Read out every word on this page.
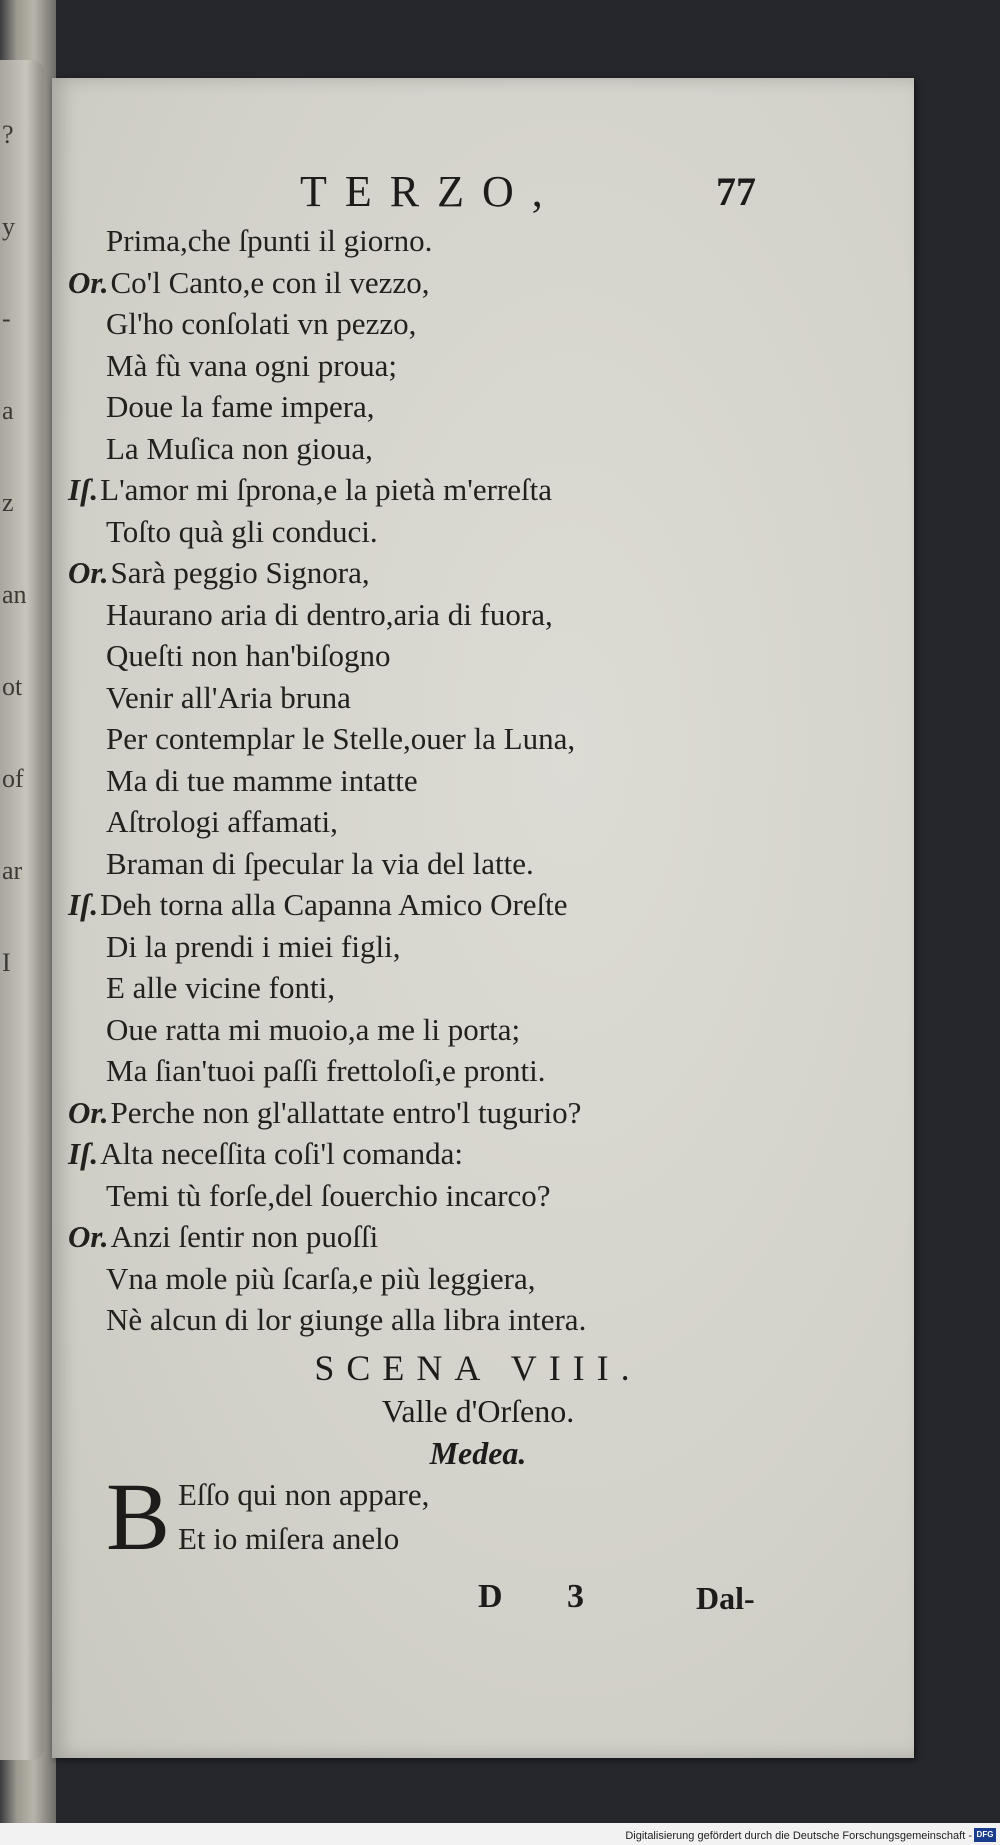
?
y
-
a
z
an
ot
of
ar
I
TERZO,	77
Prima,che ſpunti il giorno.
Or.Co'l Canto,e con il vezzo,
Gl'ho conſolati vn pezzo,
Mà fù vana ogni proua;
Doue la fame impera,
La Muſica non gioua,
Iſ.L'amor mi ſprona,e la pietà m'erreſta
Toſto quà gli conduci.
Or.Sarà peggio Signora,
Haurano aria di dentro,aria di fuora,
Queſti non han'biſogno
Venir all'Aria bruna
Per contemplar le Stelle,ouer la Luna,
Ma di tue mamme intatte
Aſtrologi affamati,
Braman di ſpecular la via del latte.
Iſ.Deh torna alla Capanna Amico Oreſte
Di la prendi i miei figli,
E alle vicine fonti,
Oue ratta mi muoio,a me li porta;
Ma ſian'tuoi paſſi frettoloſi,e pronti.
Or.Perche non gl'allattate entro'l tugurio?
Iſ.Alta neceſſita coſi'l comanda:
Temi tù forſe,del ſouerchio incarco?
Or.Anzi ſentir non puoſſi
Vna mole più ſcarſa,e più leggiera,
Nè alcun di lor giunge alla libra intera.
SCENA VIII.
Valle d'Orſeno.
Medea.
B Eſſo qui non appare,
Et io miſera anelo
D 3	Dal-
Digitalisierung gefördert durch die Deutsche Forschungsgemeinschaft - DFG
